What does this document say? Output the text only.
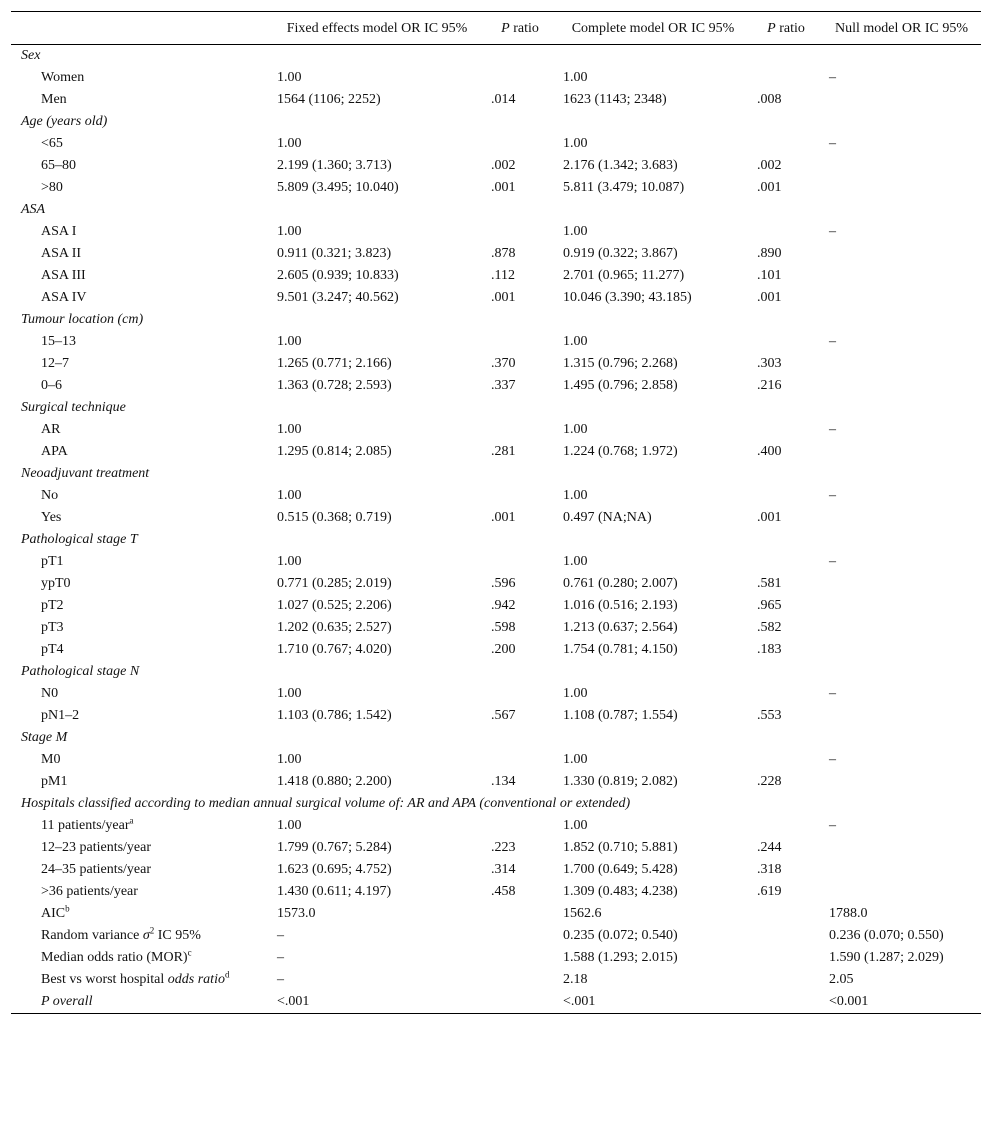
	Fixed effects model OR IC 95%	P ratio	Complete model OR IC 95%	P ratio	Null model OR IC 95%
Sex					
Women	1.00		1.00		–
Men	1564 (1106; 2252)	.014	1623 (1143; 2348)	.008	
Age (years old)					
<65	1.00		1.00		–
65–80	2.199 (1.360; 3.713)	.002	2.176 (1.342; 3.683)	.002	
>80	5.809 (3.495; 10.040)	.001	5.811 (3.479; 10.087)	.001	
ASA					
ASA I	1.00		1.00		–
ASA II	0.911 (0.321; 3.823)	.878	0.919 (0.322; 3.867)	.890	
ASA III	2.605 (0.939; 10.833)	.112	2.701 (0.965; 11.277)	.101	
ASA IV	9.501 (3.247; 40.562)	.001	10.046 (3.390; 43.185)	.001	
Tumour location (cm)					
15–13	1.00		1.00		–
12–7	1.265 (0.771; 2.166)	.370	1.315 (0.796; 2.268)	.303	
0–6	1.363 (0.728; 2.593)	.337	1.495 (0.796; 2.858)	.216	
Surgical technique					
AR	1.00		1.00		–
APA	1.295 (0.814; 2.085)	.281	1.224 (0.768; 1.972)	.400	
Neoadjuvant treatment					
No	1.00		1.00		–
Yes	0.515 (0.368; 0.719)	.001	0.497 (NA;NA)	.001	
Pathological stage T					
pT1	1.00		1.00		–
ypT0	0.771 (0.285; 2.019)	.596	0.761 (0.280; 2.007)	.581	
pT2	1.027 (0.525; 2.206)	.942	1.016 (0.516; 2.193)	.965	
pT3	1.202 (0.635; 2.527)	.598	1.213 (0.637; 2.564)	.582	
pT4	1.710 (0.767; 4.020)	.200	1.754 (0.781; 4.150)	.183	
Pathological stage N					
N0	1.00		1.00		–
pN1–2	1.103 (0.786; 1.542)	.567	1.108 (0.787; 1.554)	.553	
Stage M					
M0	1.00		1.00		–
pM1	1.418 (0.880; 2.200)	.134	1.330 (0.819; 2.082)	.228	
Hospitals classified according to median annual surgical volume of: AR and APA (conventional or extended)					
11 patients/year$^a$	1.00		1.00		–
12–23 patients/year	1.799 (0.767; 5.284)	.223	1.852 (0.710; 5.881)	.244	
24–35 patients/year	1.623 (0.695; 4.752)	.314	1.700 (0.649; 5.428)	.318	
>36 patients/year	1.430 (0.611; 4.197)	.458	1.309 (0.483; 4.238)	.619	
AIC$^b$	1573.0		1562.6		1788.0
Random variance $\sigma^2$ IC 95%	–		0.235 (0.072; 0.540)		0.236 (0.070; 0.550)
Median odds ratio (MOR)$^c$	–		1.588 (1.293; 2.015)		1.590 (1.287; 2.029)
Best vs worst hospital odds ratio$^d$	–		2.18		2.05
P overall	<.001		<.001		<0.001
